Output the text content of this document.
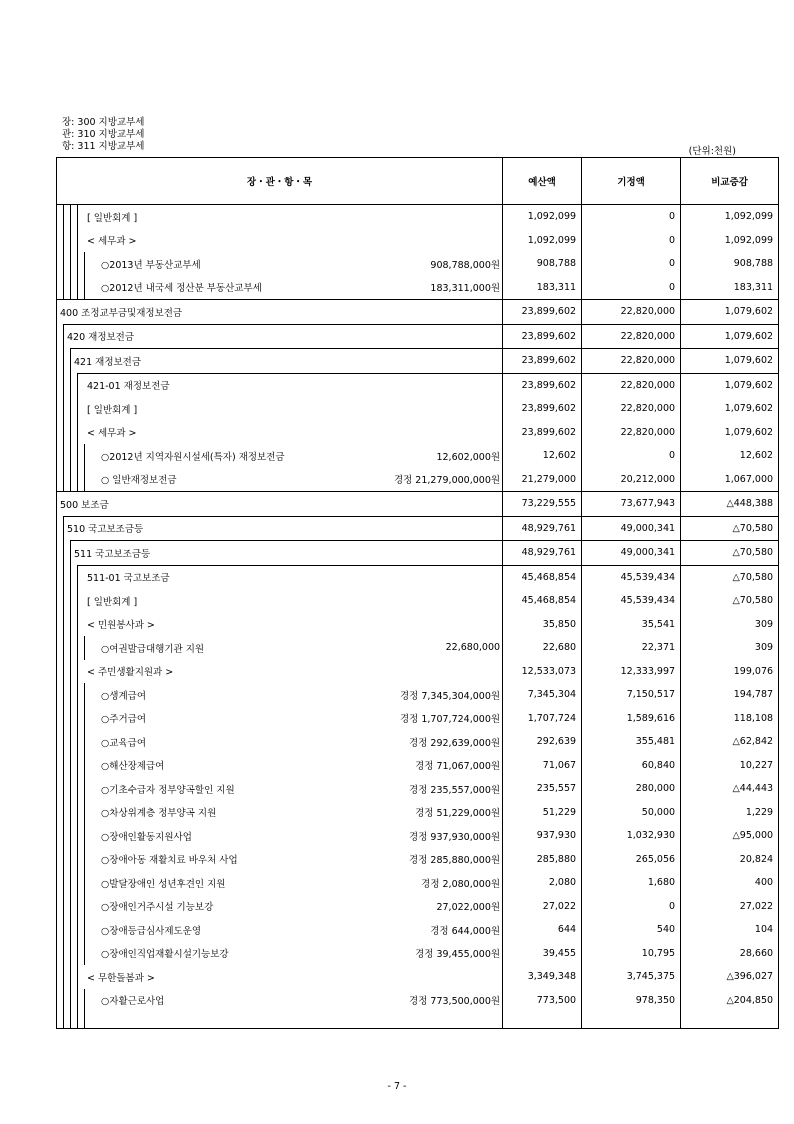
장: 300 지방교부세
관: 310 지방교부세
항: 311 지방교부세	(단위:천원)
장・관・항・목						예산액	기정액	비교증감
			[ 일반회계 ]			1,092,099	0	1,092,099
			< 세무과 >			1,092,099	0	1,092,099
				○2013년 부동산교부세	908,788,000원	908,788	0	908,788
				○2012년 내국세 정산분 부동산교부세	183,311,000원	183,311	0	183,311
400 조정교부금및재정보전금						23,899,602	22,820,000	1,079,602
	420 재정보전금					23,899,602	22,820,000	1,079,602
		421 재정보전금				23,899,602	22,820,000	1,079,602
			421-01 재정보전금			23,899,602	22,820,000	1,079,602
			[ 일반회계 ]			23,899,602	22,820,000	1,079,602
			< 세무과 >			23,899,602	22,820,000	1,079,602
				○2012년 지역자원시설세(특자) 재정보전금	12,602,000원	12,602	0	12,602
				○ 일반재정보전금	경정 21,279,000,000원	21,279,000	20,212,000	1,067,000
500 보조금						73,229,555	73,677,943	△448,388
	510 국고보조금등					48,929,761	49,000,341	△70,580
		511 국고보조금등				48,929,761	49,000,341	△70,580
			511-01 국고보조금			45,468,854	45,539,434	△70,580
			[ 일반회계 ]			45,468,854	45,539,434	△70,580
			< 민원봉사과 >			35,850	35,541	309
				○여권발급대행기관 지원	22,680,000	22,680	22,371	309
			< 주민생활지원과 >			12,533,073	12,333,997	199,076
				○생계급여	경정 7,345,304,000원	7,345,304	7,150,517	194,787
				○주거급여	경정 1,707,724,000원	1,707,724	1,589,616	118,108
				○교육급여	경정 292,639,000원	292,639	355,481	△62,842
				○해산장제급여	경정 71,067,000원	71,067	60,840	10,227
				○기초수급자 정부양곡할인 지원	경정 235,557,000원	235,557	280,000	△44,443
				○차상위계층 정부양곡 지원	경정 51,229,000원	51,229	50,000	1,229
				○장애인활동지원사업	경정 937,930,000원	937,930	1,032,930	△95,000
				○장애아동 재활치료 바우처 사업	경정 285,880,000원	285,880	265,056	20,824
				○발달장애인 성년후견인 지원	경정 2,080,000원	2,080	1,680	400
				○장애인거주시설 기능보강	27,022,000원	27,022	0	27,022
				○장애등급심사제도운영	경정 644,000원	644	540	104
				○장애인직업재활시설기능보강	경정 39,455,000원	39,455	10,795	28,660
			< 무한돌봄과 >			3,349,348	3,745,375	△396,027
				○자활근로사업	경정 773,500,000원	773,500	978,350	△204,850

- 7 -
